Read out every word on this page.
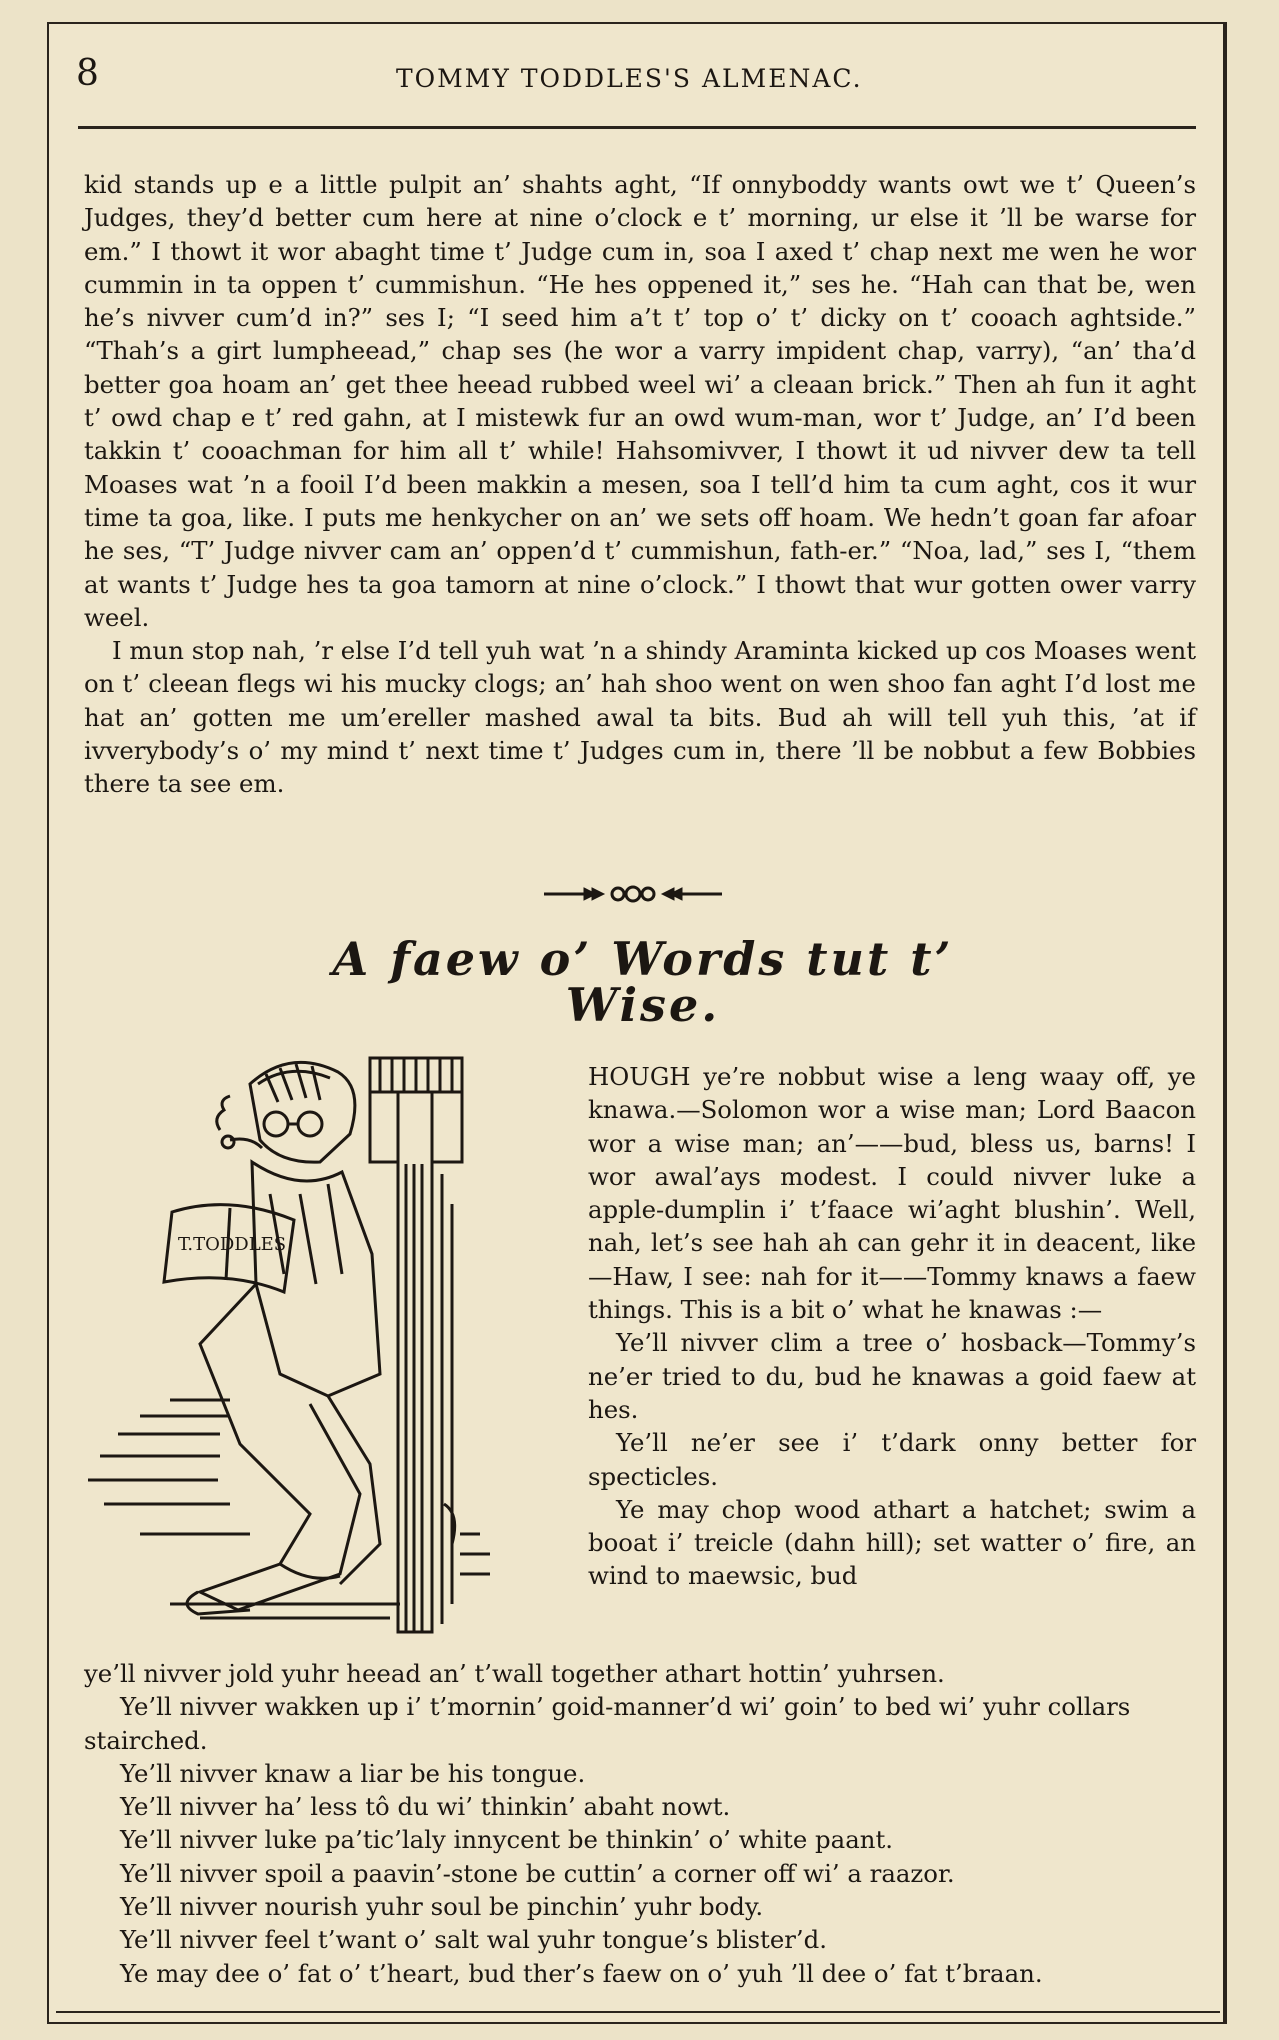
8	TOMMY TODDLES'S ALMENAC.

kid stands up e a little pulpit an’ shahts aght, “If onnyboddy wants owt we t’ Queen’s Judges, they’d better cum here at nine o’clock e t’ morning, ur else it ’ll be warse for em.” I thowt it wor abaght time t’ Judge cum in, soa I axed t’ chap next me wen he wor cummin in ta oppen t’ cummishun. “He hes oppened it,” ses he. “Hah can that be, wen he’s nivver cum’d in?” ses I; “I seed him a’t t’ top o’ t’ dicky on t’ cooach aghtside.” “Thah’s a girt lumpheead,” chap ses (he wor a varry impident chap, varry), “an’ tha’d better goa hoam an’ get thee heead rubbed weel wi’ a cleaan brick.” Then ah fun it aght t’ owd chap e t’ red gahn, at I mistewk fur an owd wum-man, wor t’ Judge, an’ I’d been takkin t’ cooachman for him all t’ while! Hahsomivver, I thowt it ud nivver dew ta tell Moases wat ’n a fooil I’d been makkin a mesen, soa I tell’d him ta cum aght, cos it wur time ta goa, like. I puts me henkycher on an’ we sets off hoam. We hedn’t goan far afoar he ses, “T’ Judge nivver cam an’ oppen’d t’ cummishun, fath-er.” “Noa, lad,” ses I, “them at wants t’ Judge hes ta goa tamorn at nine o’clock.” I thowt that wur gotten ower varry weel.

I mun stop nah, ’r else I’d tell yuh wat ’n a shindy Araminta kicked up cos Moases went on t’ cleean flegs wi his mucky clogs; an’ hah shoo went on wen shoo fan aght I’d lost me hat an’ gotten me um’ereller mashed awal ta bits. Bud ah will tell yuh this, ’at if ivverybody’s o’ my mind t’ next time t’ Judges cum in, there ’ll be nobbut a few Bobbies there ta see em.

A faew o’ Words tut t’ Wise.
T.TODDLES

HOUGH ye’re nobbut wise a leng waay off, ye knawa.—Solomon wor a wise man; Lord Baacon wor a wise man; an’——bud, bless us, barns! I wor awal’ays modest. I could nivver luke a apple-dumplin i’ t’faace wi’aght blushin’. Well, nah, let’s see hah ah can gehr it in deacent, like—Haw, I see: nah for it——Tommy knaws a faew things. This is a bit o’ what he knawas :—

Ye’ll nivver clim a tree o’ hosback—Tommy’s ne’er tried to du, bud he knawas a goid faew at hes.

Ye’ll ne’er see i’ t’dark onny better for specticles.

Ye may chop wood athart a hatchet; swim a booat i’ treicle (dahn hill); set watter o’ fire, an wind to maewsic, bud

ye’ll nivver jold yuhr heead an’ t’wall together athart hottin’ yuhrsen.

Ye’ll nivver wakken up i’ t’mornin’ goid-manner’d wi’ goin’ to bed wi’ yuhr collars stairched.

Ye’ll nivver knaw a liar be his tongue.

Ye’ll nivver ha’ less tô du wi’ thinkin’ abaht nowt.

Ye’ll nivver luke pa’tic’laly innycent be thinkin’ o’ white paant.

Ye’ll nivver spoil a paavin’-stone be cuttin’ a corner off wi’ a raazor.

Ye’ll nivver nourish yuhr soul be pinchin’ yuhr body.

Ye’ll nivver feel t’want o’ salt wal yuhr tongue’s blister’d.

Ye may dee o’ fat o’ t’heart, bud ther’s faew on o’ yuh ’ll dee o’ fat t’braan.
